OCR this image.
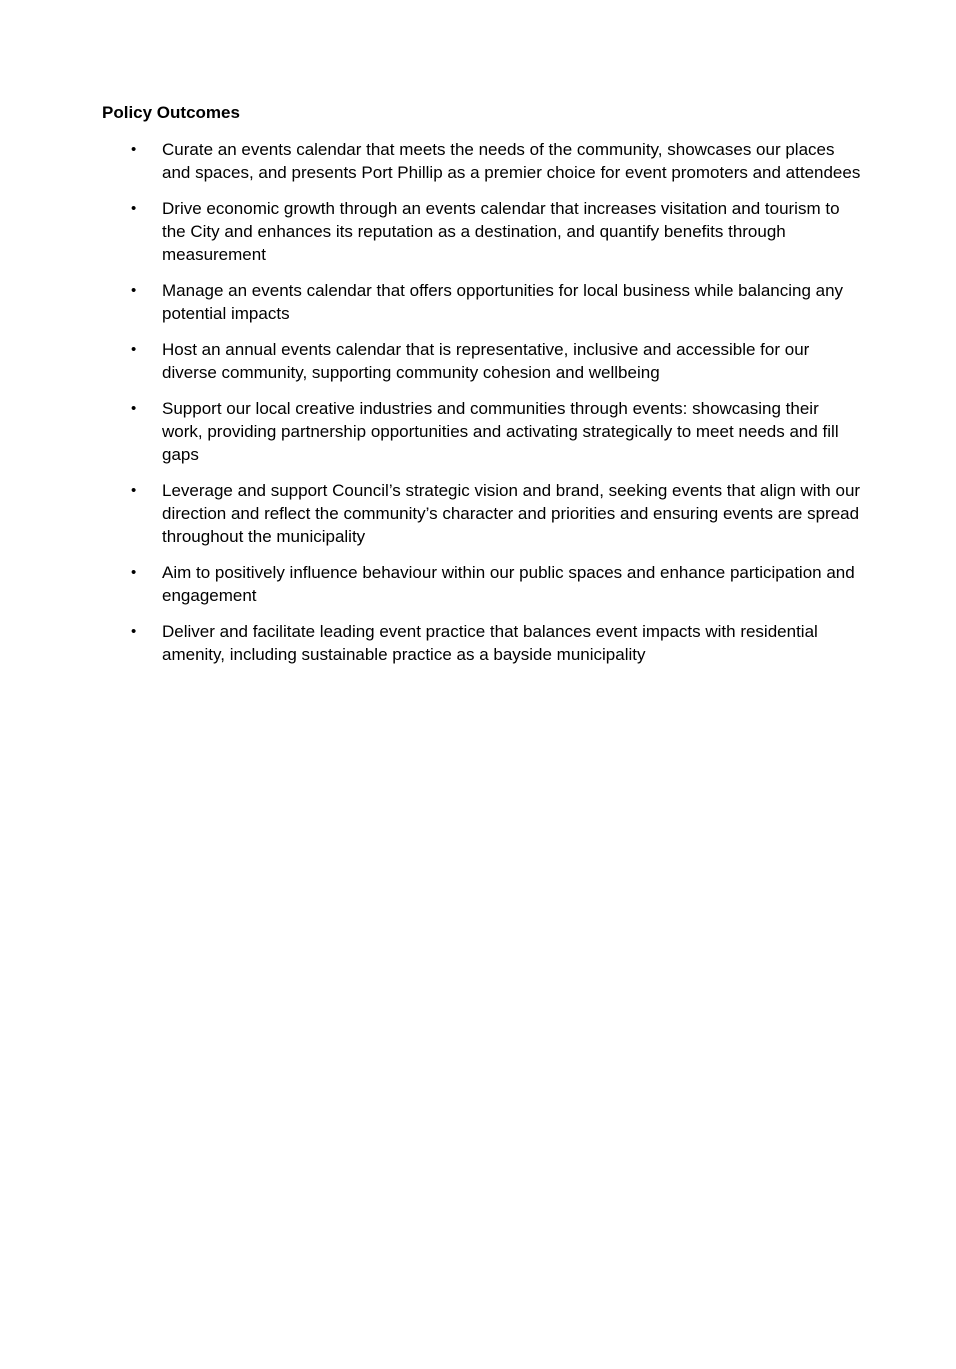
Policy Outcomes
• Curate an events calendar that meets the needs of the community, showcases our places and spaces, and presents Port Phillip as a premier choice for event promoters and attendees
• Drive economic growth through an events calendar that increases visitation and tourism to the City and enhances its reputation as a destination, and quantify benefits through measurement
• Manage an events calendar that offers opportunities for local business while balancing any potential impacts
• Host an annual events calendar that is representative, inclusive and accessible for our diverse community, supporting community cohesion and wellbeing
• Support our local creative industries and communities through events: showcasing their work, providing partnership opportunities and activating strategically to meet needs and fill gaps
• Leverage and support Council’s strategic vision and brand, seeking events that align with our direction and reflect the community’s character and priorities and ensuring events are spread throughout the municipality
• Aim to positively influence behaviour within our public spaces and enhance participation and engagement
• Deliver and facilitate leading event practice that balances event impacts with residential amenity, including sustainable practice as a bayside municipality
